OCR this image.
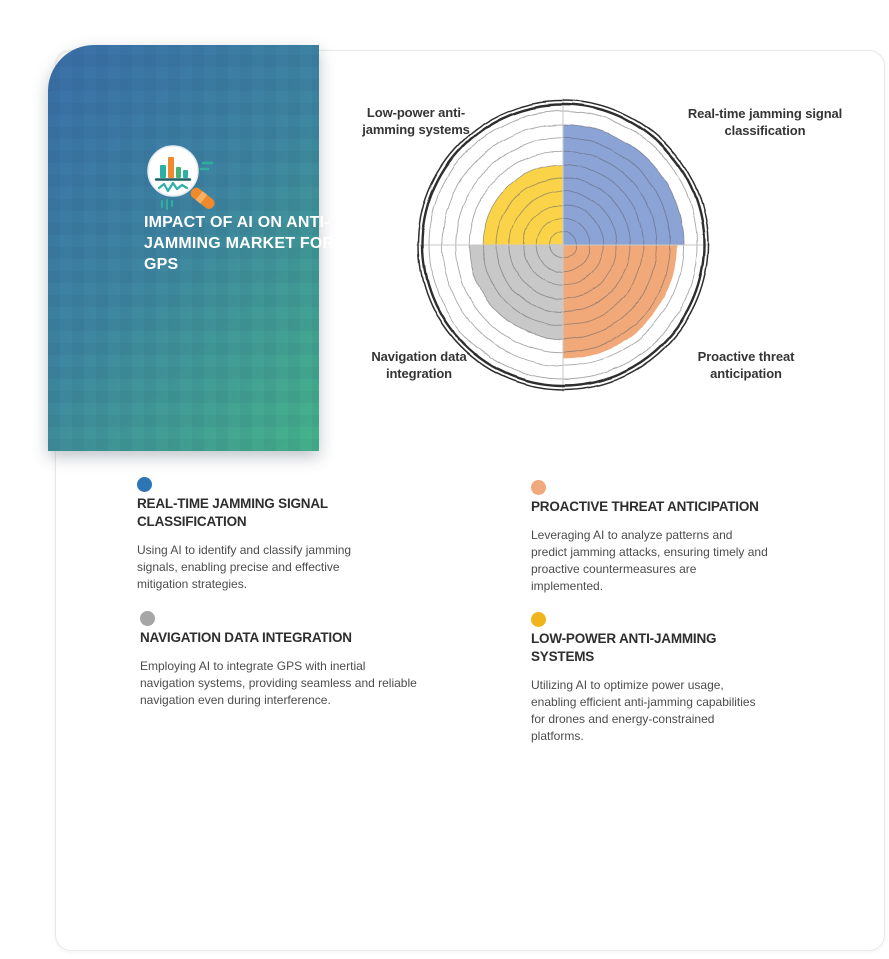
IMPACT OF AI ON ANTI-JAMMING MARKET FOR GPS
Low-power anti-jamming systems
Real-time jamming signal classification
Navigation data integration
Proactive threat anticipation
REAL-TIME JAMMING SIGNAL CLASSIFICATION

Using AI to identify and classify jamming signals, enabling precise and effective mitigation strategies.

PROACTIVE THREAT ANTICIPATION

Leveraging AI to analyze patterns and predict jamming attacks, ensuring timely and proactive countermeasures are implemented.

NAVIGATION DATA INTEGRATION

Employing AI to integrate GPS with inertial navigation systems, providing seamless and reliable navigation even during interference.

LOW-POWER ANTI-JAMMING SYSTEMS

Utilizing AI to optimize power usage, enabling efficient anti-jamming capabilities for drones and energy-constrained platforms.
